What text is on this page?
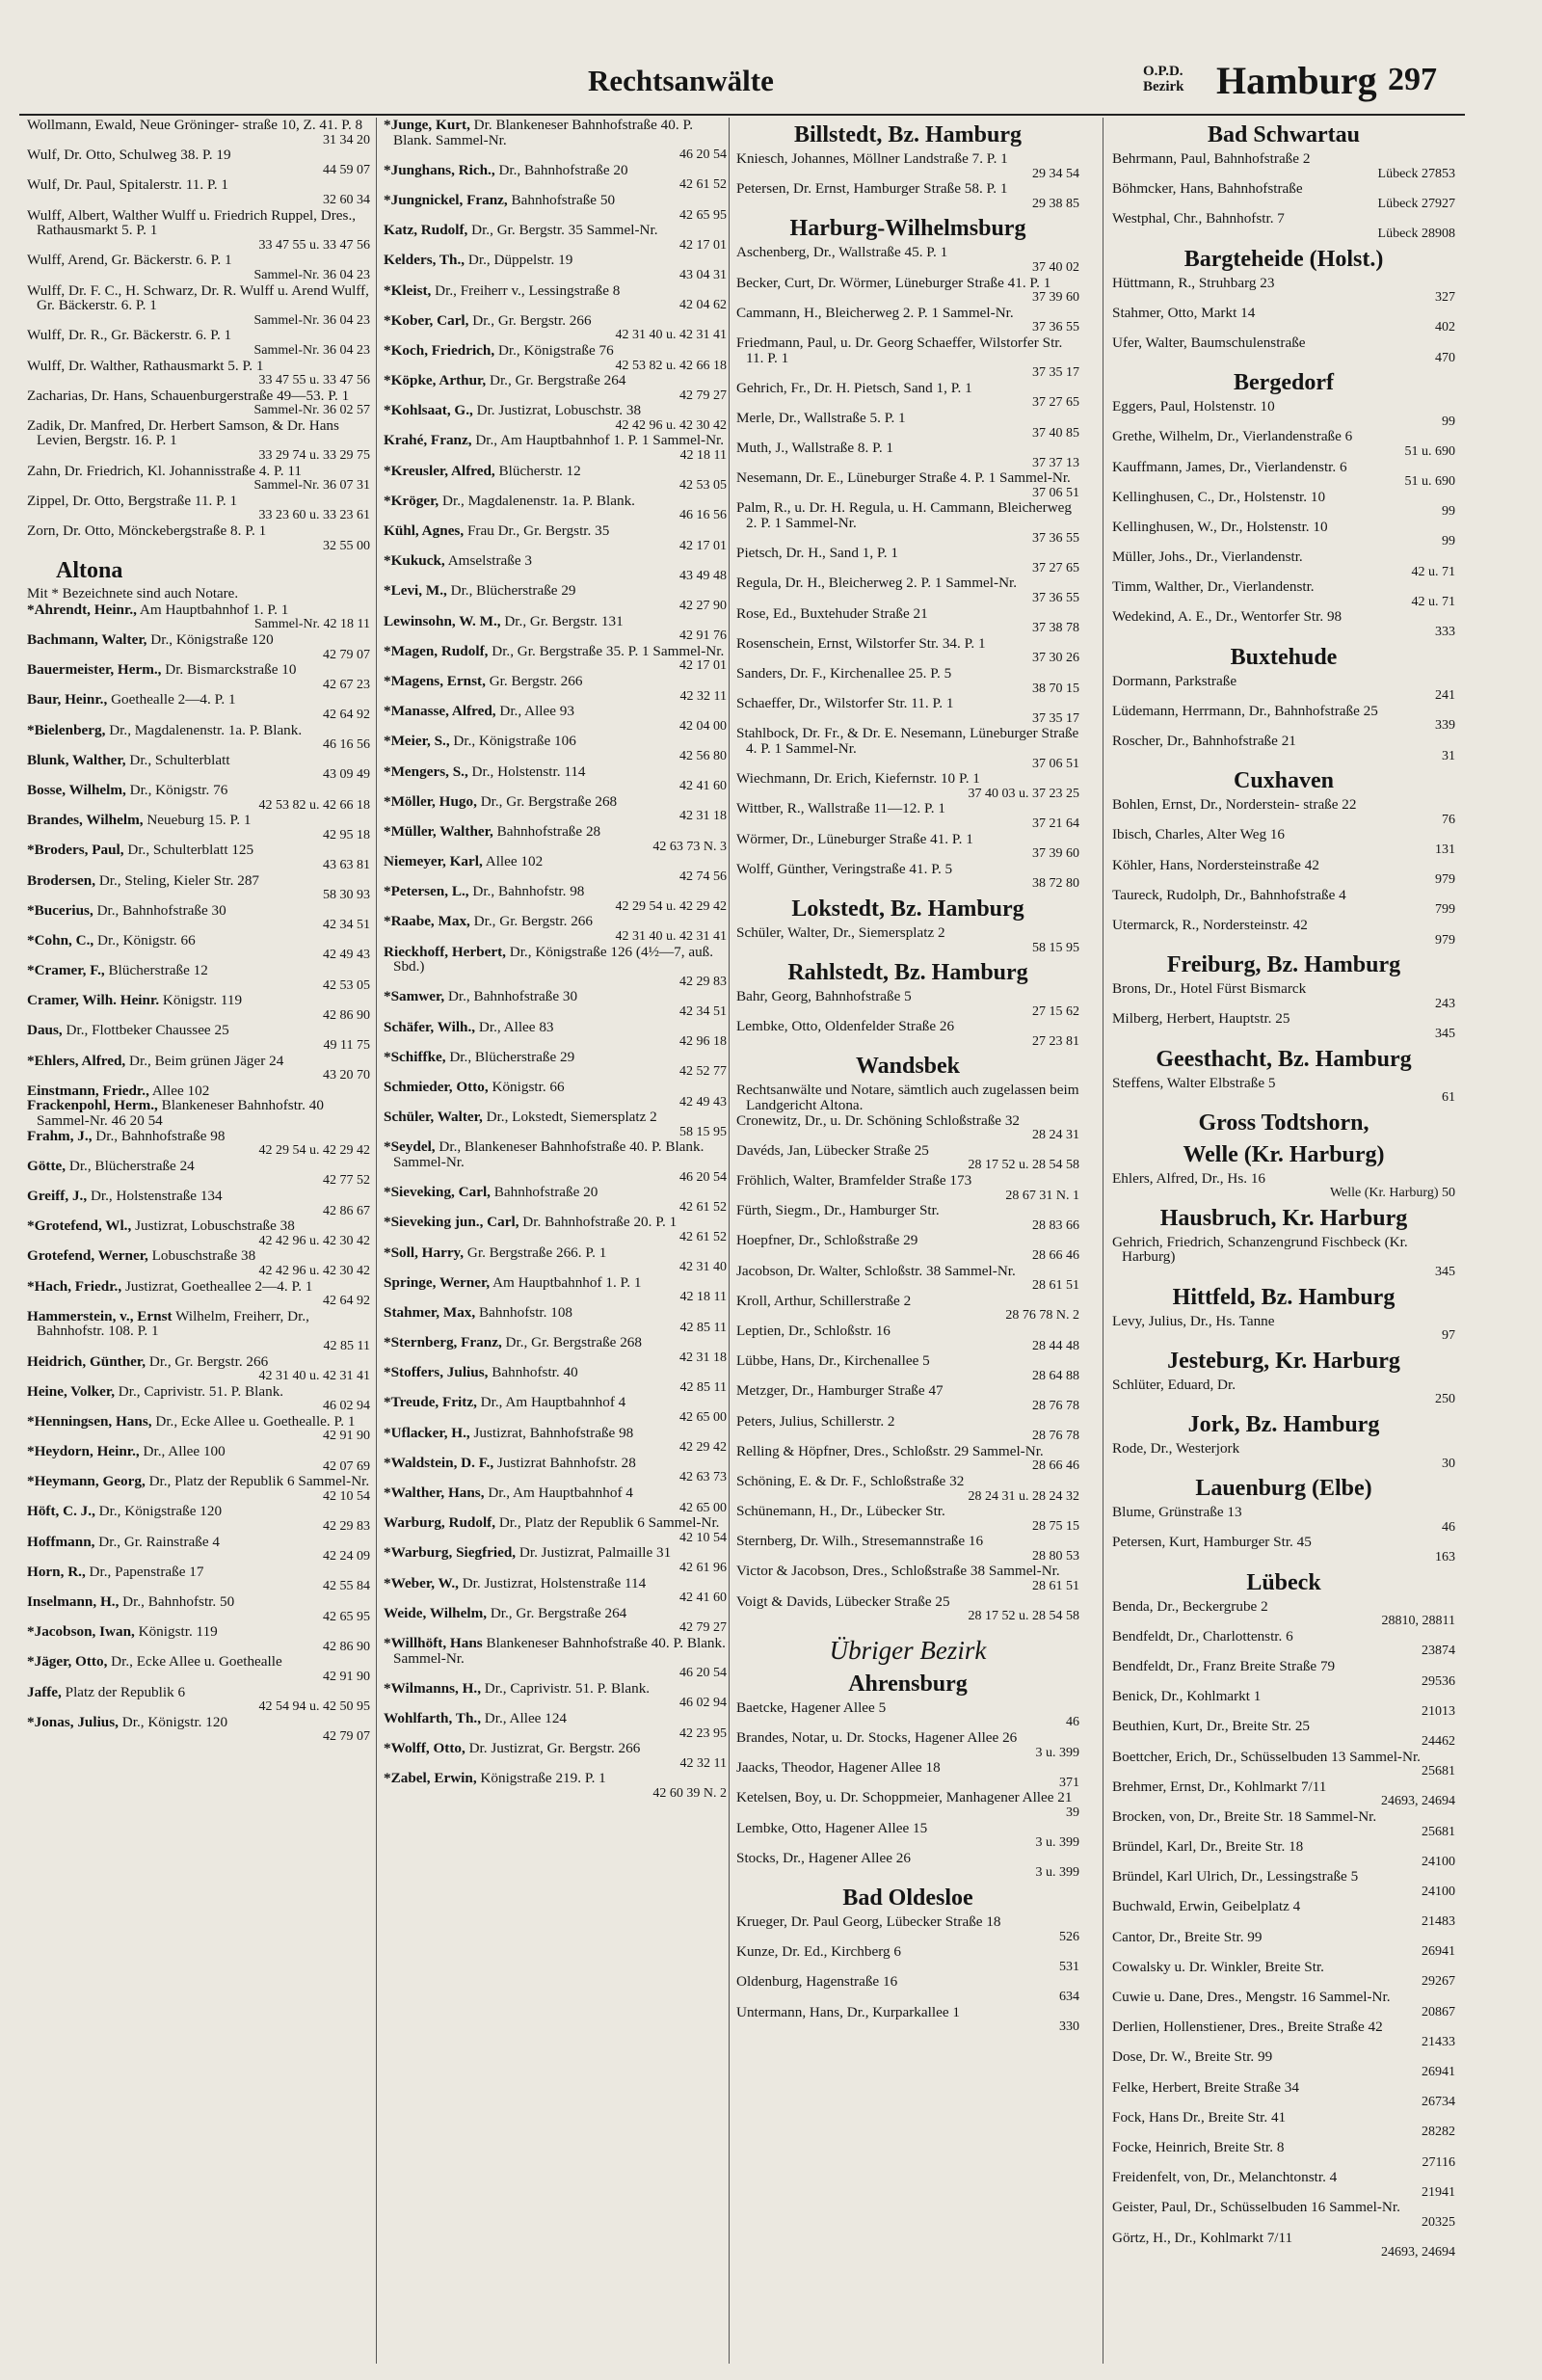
Rechtsanwälte	O.P.D.
Bezirk Hamburg 297
Wollmann, Ewald, Neue Gröninger- straße 10, Z. 41. P. 8
31 34 20
Wulf, Dr. Otto, Schulweg 38. P. 19
44 59 07
Wulf, Dr. Paul, Spitalerstr. 11. P. 1
32 60 34
Wulff, Albert, Walther Wulff u. Friedrich Ruppel, Dres., Rathausmarkt 5. P. 1
33 47 55 u. 33 47 56
Wulff, Arend, Gr. Bäckerstr. 6. P. 1
Sammel-Nr. 36 04 23
Wulff, Dr. F. C., H. Schwarz, Dr. R. Wulff u. Arend Wulff, Gr. Bäckerstr. 6. P. 1
Sammel-Nr. 36 04 23
Wulff, Dr. R., Gr. Bäckerstr. 6. P. 1
Sammel-Nr. 36 04 23
Wulff, Dr. Walther, Rathausmarkt 5. P. 1
33 47 55 u. 33 47 56
Zacharias, Dr. Hans, Schauenburgerstraße 49—53. P. 1
Sammel-Nr. 36 02 57
Zadik, Dr. Manfred, Dr. Herbert Samson, & Dr. Hans Levien, Bergstr. 16. P. 1
33 29 74 u. 33 29 75
Zahn, Dr. Friedrich, Kl. Johannisstraße 4. P. 11
Sammel-Nr. 36 07 31
Zippel, Dr. Otto, Bergstraße 11. P. 1
33 23 60 u. 33 23 61
Zorn, Dr. Otto, Mönckebergstraße 8. P. 1
32 55 00
Altona
Mit * Bezeichnete sind auch Notare.
*Ahrendt, Heinr., Am Hauptbahnhof 1. P. 1
Sammel-Nr. 42 18 11
Bachmann, Walter, Dr., Königstraße 120
42 79 07
Bauermeister, Herm., Dr. Bismarckstraße 10
42 67 23
Baur, Heinr., Goethealle 2—4. P. 1
42 64 92
*Bielenberg, Dr., Magdalenenstr. 1a. P. Blank.
46 16 56
Blunk, Walther, Dr., Schulterblatt
43 09 49
Bosse, Wilhelm, Dr., Königstr. 76
42 53 82 u. 42 66 18
Brandes, Wilhelm, Neueburg 15. P. 1
42 95 18
*Broders, Paul, Dr., Schulterblatt 125
43 63 81
Brodersen, Dr., Steling, Kieler Str. 287
58 30 93
*Bucerius, Dr., Bahnhofstraße 30
42 34 51
*Cohn, C., Dr., Königstr. 66
42 49 43
*Cramer, F., Blücherstraße 12
42 53 05
Cramer, Wilh. Heinr. Königstr. 119
42 86 90
Daus, Dr., Flottbeker Chaussee 25
49 11 75
*Ehlers, Alfred, Dr., Beim grünen Jäger 24
43 20 70
Einstmann, Friedr., Allee 102
Frackenpohl, Herm., Blankeneser Bahnhofstr. 40 Sammel-Nr. 46 20 54
Frahm, J., Dr., Bahnhofstraße 98
42 29 54 u. 42 29 42
Götte, Dr., Blücherstraße 24
42 77 52
Greiff, J., Dr., Holstenstraße 134
42 86 67
*Grotefend, Wl., Justizrat, Lobuschstraße 38
42 42 96 u. 42 30 42
Grotefend, Werner, Lobuschstraße 38
42 42 96 u. 42 30 42
*Hach, Friedr., Justizrat, Goetheallee 2—4. P. 1
42 64 92
Hammerstein, v., Ernst Wilhelm, Freiherr, Dr., Bahnhofstr. 108. P. 1
42 85 11
Heidrich, Günther, Dr., Gr. Bergstr. 266
42 31 40 u. 42 31 41
Heine, Volker, Dr., Caprivistr. 51. P. Blank.
46 02 94
*Henningsen, Hans, Dr., Ecke Allee u. Goethealle. P. 1
42 91 90
*Heydorn, Heinr., Dr., Allee 100
42 07 69
*Heymann, Georg, Dr., Platz der Republik 6 Sammel-Nr.
42 10 54
Höft, C. J., Dr., Königstraße 120
42 29 83
Hoffmann, Dr., Gr. Rainstraße 4
42 24 09
Horn, R., Dr., Papenstraße 17
42 55 84
Inselmann, H., Dr., Bahnhofstr. 50
42 65 95
*Jacobson, Iwan, Königstr. 119
42 86 90
*Jäger, Otto, Dr., Ecke Allee u. Goethealle
42 91 90
Jaffe, Platz der Republik 6
42 54 94 u. 42 50 95
*Jonas, Julius, Dr., Königstr. 120
42 79 07
*Junge, Kurt, Dr. Blankeneser Bahnhofstraße 40. P. Blank. Sammel-Nr.
46 20 54
*Junghans, Rich., Dr., Bahnhofstraße 20
42 61 52
*Jungnickel, Franz, Bahnhofstraße 50
42 65 95
Katz, Rudolf, Dr., Gr. Bergstr. 35 Sammel-Nr.
42 17 01
Kelders, Th., Dr., Düppelstr. 19
43 04 31
*Kleist, Dr., Freiherr v., Lessingstraße 8
42 04 62
*Kober, Carl, Dr., Gr. Bergstr. 266
42 31 40 u. 42 31 41
*Koch, Friedrich, Dr., Königstraße 76
42 53 82 u. 42 66 18
*Köpke, Arthur, Dr., Gr. Bergstraße 264
42 79 27
*Kohlsaat, G., Dr. Justizrat, Lobuschstr. 38
42 42 96 u. 42 30 42
Krahé, Franz, Dr., Am Hauptbahnhof 1. P. 1 Sammel-Nr.
42 18 11
*Kreusler, Alfred, Blücherstr. 12
42 53 05
*Kröger, Dr., Magdalenenstr. 1a. P. Blank.
46 16 56
Kühl, Agnes, Frau Dr., Gr. Bergstr. 35
42 17 01
*Kukuck, Amselstraße 3
43 49 48
*Levi, M., Dr., Blücherstraße 29
42 27 90
Lewinsohn, W. M., Dr., Gr. Bergstr. 131
42 91 76
*Magen, Rudolf, Dr., Gr. Bergstraße 35. P. 1 Sammel-Nr.
42 17 01
*Magens, Ernst, Gr. Bergstr. 266
42 32 11
*Manasse, Alfred, Dr., Allee 93
42 04 00
*Meier, S., Dr., Königstraße 106
42 56 80
*Mengers, S., Dr., Holstenstr. 114
42 41 60
*Möller, Hugo, Dr., Gr. Bergstraße 268
42 31 18
*Müller, Walther, Bahnhofstraße 28
42 63 73 N. 3
Niemeyer, Karl, Allee 102
42 74 56
*Petersen, L., Dr., Bahnhofstr. 98
42 29 54 u. 42 29 42
*Raabe, Max, Dr., Gr. Bergstr. 266
42 31 40 u. 42 31 41
Rieckhoff, Herbert, Dr., Königstraße 126 (4½—7, auß. Sbd.)
42 29 83
*Samwer, Dr., Bahnhofstraße 30
42 34 51
Schäfer, Wilh., Dr., Allee 83
42 96 18
*Schiffke, Dr., Blücherstraße 29
42 52 77
Schmieder, Otto, Königstr. 66
42 49 43
Schüler, Walter, Dr., Lokstedt, Siemersplatz 2
58 15 95
*Seydel, Dr., Blankeneser Bahnhofstraße 40. P. Blank. Sammel-Nr.
46 20 54
*Sieveking, Carl, Bahnhofstraße 20
42 61 52
*Sieveking jun., Carl, Dr. Bahnhofstraße 20. P. 1
42 61 52
*Soll, Harry, Gr. Bergstraße 266. P. 1
42 31 40
Springe, Werner, Am Hauptbahnhof 1. P. 1
42 18 11
Stahmer, Max, Bahnhofstr. 108
42 85 11
*Sternberg, Franz, Dr., Gr. Bergstraße 268
42 31 18
*Stoffers, Julius, Bahnhofstr. 40
42 85 11
*Treude, Fritz, Dr., Am Hauptbahnhof 4
42 65 00
*Uflacker, H., Justizrat, Bahnhofstraße 98
42 29 42
*Waldstein, D. F., Justizrat Bahnhofstr. 28
42 63 73
*Walther, Hans, Dr., Am Hauptbahnhof 4
42 65 00
Warburg, Rudolf, Dr., Platz der Republik 6 Sammel-Nr.
42 10 54
*Warburg, Siegfried, Dr. Justizrat, Palmaille 31
42 61 96
*Weber, W., Dr. Justizrat, Holstenstraße 114
42 41 60
Weide, Wilhelm, Dr., Gr. Bergstraße 264
42 79 27
*Willhöft, Hans Blankeneser Bahnhofstraße 40. P. Blank. Sammel-Nr.
46 20 54
*Wilmanns, H., Dr., Caprivistr. 51. P. Blank.
46 02 94
Wohlfarth, Th., Dr., Allee 124
42 23 95
*Wolff, Otto, Dr. Justizrat, Gr. Bergstr. 266
42 32 11
*Zabel, Erwin, Königstraße 219. P. 1
42 60 39 N. 2
Billstedt, Bz. Hamburg
Kniesch, Johannes, Möllner Landstraße 7. P. 1
29 34 54
Petersen, Dr. Ernst, Hamburger Straße 58. P. 1
29 38 85
Harburg-Wilhelmsburg
Aschenberg, Dr., Wallstraße 45. P. 1
37 40 02
Becker, Curt, Dr. Wörmer, Lüneburger Straße 41. P. 1
37 39 60
Cammann, H., Bleicherweg 2. P. 1 Sammel-Nr.
37 36 55
Friedmann, Paul, u. Dr. Georg Schaeffer, Wilstorfer Str. 11. P. 1
37 35 17
Gehrich, Fr., Dr. H. Pietsch, Sand 1, P. 1
37 27 65
Merle, Dr., Wallstraße 5. P. 1
37 40 85
Muth, J., Wallstraße 8. P. 1
37 37 13
Nesemann, Dr. E., Lüneburger Straße 4. P. 1 Sammel-Nr.
37 06 51
Palm, R., u. Dr. H. Regula, u. H. Cammann, Bleicherweg 2. P. 1 Sammel-Nr.
37 36 55
Pietsch, Dr. H., Sand 1, P. 1
37 27 65
Regula, Dr. H., Bleicherweg 2. P. 1 Sammel-Nr.
37 36 55
Rose, Ed., Buxtehuder Straße 21
37 38 78
Rosenschein, Ernst, Wilstorfer Str. 34. P. 1
37 30 26
Sanders, Dr. F., Kirchenallee 25. P. 5
38 70 15
Schaeffer, Dr., Wilstorfer Str. 11. P. 1
37 35 17
Stahlbock, Dr. Fr., & Dr. E. Nesemann, Lüneburger Straße 4. P. 1 Sammel-Nr.
37 06 51
Wiechmann, Dr. Erich, Kiefernstr. 10 P. 1
37 40 03 u. 37 23 25
Wittber, R., Wallstraße 11—12. P. 1
37 21 64
Wörmer, Dr., Lüneburger Straße 41. P. 1
37 39 60
Wolff, Günther, Veringstraße 41. P. 5
38 72 80
Lokstedt, Bz. Hamburg
Schüler, Walter, Dr., Siemersplatz 2
58 15 95
Rahlstedt, Bz. Hamburg
Bahr, Georg, Bahnhofstraße 5
27 15 62
Lembke, Otto, Oldenfelder Straße 26
27 23 81
Wandsbek
Rechtsanwälte und Notare, sämtlich auch zugelassen beim Landgericht Altona.
Cronewitz, Dr., u. Dr. Schöning Schloßstraße 32
28 24 31
Davéds, Jan, Lübecker Straße 25
28 17 52 u. 28 54 58
Fröhlich, Walter, Bramfelder Straße 173
28 67 31 N. 1
Fürth, Siegm., Dr., Hamburger Str.
28 83 66
Hoepfner, Dr., Schloßstraße 29
28 66 46
Jacobson, Dr. Walter, Schloßstr. 38 Sammel-Nr.
28 61 51
Kroll, Arthur, Schillerstraße 2
28 76 78 N. 2
Leptien, Dr., Schloßstr. 16
28 44 48
Lübbe, Hans, Dr., Kirchenallee 5
28 64 88
Metzger, Dr., Hamburger Straße 47
28 76 78
Peters, Julius, Schillerstr. 2
28 76 78
Relling & Höpfner, Dres., Schloßstr. 29 Sammel-Nr.
28 66 46
Schöning, E. & Dr. F., Schloßstraße 32
28 24 31 u. 28 24 32
Schünemann, H., Dr., Lübecker Str.
28 75 15
Sternberg, Dr. Wilh., Stresemannstraße 16
28 80 53
Victor & Jacobson, Dres., Schloßstraße 38 Sammel-Nr.
28 61 51
Voigt & Davids, Lübecker Straße 25
28 17 52 u. 28 54 58
Übriger Bezirk
Ahrensburg
Baetcke, Hagener Allee 5
46
Brandes, Notar, u. Dr. Stocks, Hagener Allee 26
3 u. 399
Jaacks, Theodor, Hagener Allee 18
371
Ketelsen, Boy, u. Dr. Schoppmeier, Manhagener Allee 21
39
Lembke, Otto, Hagener Allee 15
3 u. 399
Stocks, Dr., Hagener Allee 26
3 u. 399
Bad Oldesloe
Krueger, Dr. Paul Georg, Lübecker Straße 18
526
Kunze, Dr. Ed., Kirchberg 6
531
Oldenburg, Hagenstraße 16
634
Untermann, Hans, Dr., Kurparkallee 1
330
Bad Schwartau
Behrmann, Paul, Bahnhofstraße 2
Lübeck 27853
Böhmcker, Hans, Bahnhofstraße
Lübeck 27927
Westphal, Chr., Bahnhofstr. 7
Lübeck 28908
Bargteheide (Holst.)
Hüttmann, R., Struhbarg 23
327
Stahmer, Otto, Markt 14
402
Ufer, Walter, Baumschulenstraße
470
Bergedorf
Eggers, Paul, Holstenstr. 10
99
Grethe, Wilhelm, Dr., Vierlandenstraße 6
51 u. 690
Kauffmann, James, Dr., Vierlandenstr. 6
51 u. 690
Kellinghusen, C., Dr., Holstenstr. 10
99
Kellinghusen, W., Dr., Holstenstr. 10
99
Müller, Johs., Dr., Vierlandenstr.
42 u. 71
Timm, Walther, Dr., Vierlandenstr.
42 u. 71
Wedekind, A. E., Dr., Wentorfer Str. 98
333
Buxtehude
Dormann, Parkstraße
241
Lüdemann, Herrmann, Dr., Bahnhofstraße 25
339
Roscher, Dr., Bahnhofstraße 21
31
Cuxhaven
Bohlen, Ernst, Dr., Norderstein- straße 22
76
Ibisch, Charles, Alter Weg 16
131
Köhler, Hans, Nordersteinstraße 42
979
Taureck, Rudolph, Dr., Bahnhofstraße 4
799
Utermarck, R., Nordersteinstr. 42
979
Freiburg, Bz. Hamburg
Brons, Dr., Hotel Fürst Bismarck
243
Milberg, Herbert, Hauptstr. 25
345
Geesthacht, Bz. Hamburg
Steffens, Walter Elbstraße 5
61
Gross Todtshorn,
Welle (Kr. Harburg)
Ehlers, Alfred, Dr., Hs. 16
Welle (Kr. Harburg) 50
Hausbruch, Kr. Harburg
Gehrich, Friedrich, Schanzengrund Fischbeck (Kr. Harburg)
345
Hittfeld, Bz. Hamburg
Levy, Julius, Dr., Hs. Tanne
97
Jesteburg, Kr. Harburg
Schlüter, Eduard, Dr.
250
Jork, Bz. Hamburg
Rode, Dr., Westerjork
30
Lauenburg (Elbe)
Blume, Grünstraße 13
46
Petersen, Kurt, Hamburger Str. 45
163
Lübeck
Benda, Dr., Beckergrube 2
28810, 28811
Bendfeldt, Dr., Charlottenstr. 6
23874
Bendfeldt, Dr., Franz Breite Straße 79
29536
Benick, Dr., Kohlmarkt 1
21013
Beuthien, Kurt, Dr., Breite Str. 25
24462
Boettcher, Erich, Dr., Schüsselbuden 13 Sammel-Nr.
25681
Brehmer, Ernst, Dr., Kohlmarkt 7/11
24693, 24694
Brocken, von, Dr., Breite Str. 18 Sammel-Nr.
25681
Bründel, Karl, Dr., Breite Str. 18
24100
Bründel, Karl Ulrich, Dr., Lessingstraße 5
24100
Buchwald, Erwin, Geibelplatz 4
21483
Cantor, Dr., Breite Str. 99
26941
Cowalsky u. Dr. Winkler, Breite Str.
29267
Cuwie u. Dane, Dres., Mengstr. 16 Sammel-Nr.
20867
Derlien, Hollenstiener, Dres., Breite Straße 42
21433
Dose, Dr. W., Breite Str. 99
26941
Felke, Herbert, Breite Straße 34
26734
Fock, Hans Dr., Breite Str. 41
28282
Focke, Heinrich, Breite Str. 8
27116
Freidenfelt, von, Dr., Melanchtonstr. 4
21941
Geister, Paul, Dr., Schüsselbuden 16 Sammel-Nr.
20325
Görtz, H., Dr., Kohlmarkt 7/11
24693, 24694
